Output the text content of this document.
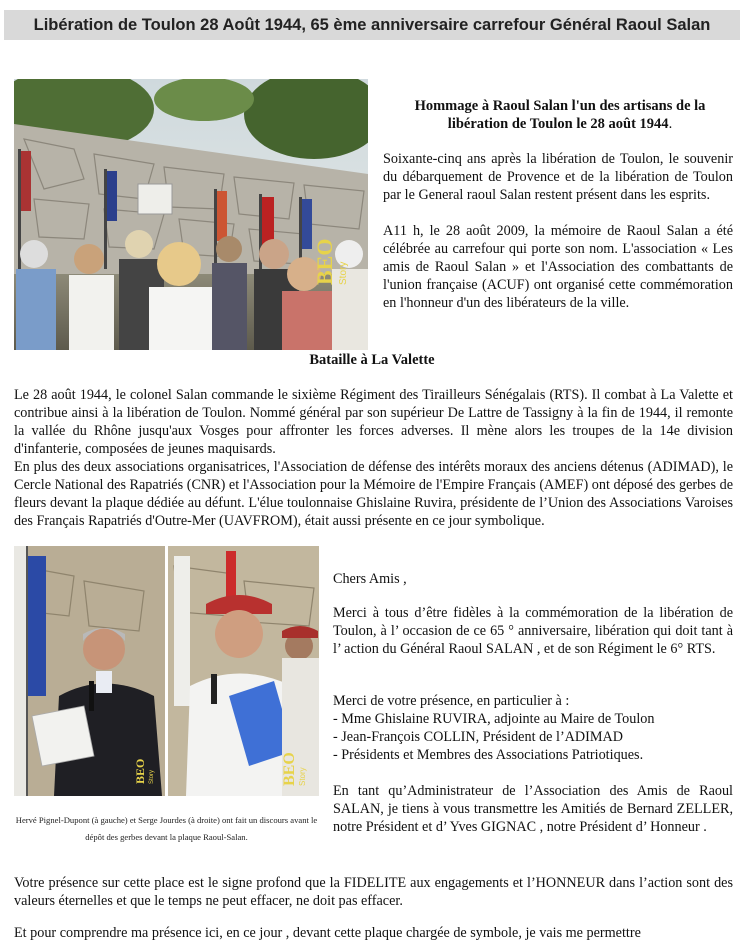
Libération de Toulon 28 Août 1944, 65 ème anniversaire carrefour Général Raoul Salan
BEO Story
Hommage à Raoul Salan l'un des artisans de la
libération de Toulon le 28 août 1944.

Soixante-cinq ans après la libération de Toulon, le souvenir du débarquement de Provence et de la libération de Toulon par le General raoul Salan restent présent dans les esprits.

A11 h, le 28 août 2009, la mémoire de Raoul Salan a été célébrée au carrefour qui porte son nom. L'association « Les amis de Raoul Salan » et l'Association des combattants de l'union française (ACUF) ont organisé cette commémoration en l'honneur d'un des libérateurs de la ville.

Bataille à La Valette

Le 28 août 1944, le colonel Salan commande le sixième Régiment des Tirailleurs Sénégalais (RTS). Il combat à La Valette et contribue ainsi à la libération de Toulon. Nommé général par son supérieur De Lattre de Tassigny à la fin de 1944, il remonte la vallée du Rhône jusqu'aux Vosges pour affronter les forces adverses. Il mène alors les troupes de la 14e division d'infanterie, composées de jeunes maquisards.

En plus des deux associations organisatrices, l'Association de défense des intérêts moraux des anciens détenus (ADIMAD), le Cercle National des Rapatriés (CNR) et l'Association pour la Mémoire de l'Empire Français (AMEF) ont déposé des gerbes de fleurs devant la plaque dédiée au défunt. L'élue toulonnaise Ghislaine Ruvira, présidente de l’Union des Associations Varoises des Français Rapatriés d'Outre-Mer (UAVFROM), était aussi présente en ce jour symbolique.

BEO Story	BEO Story
Hervé Pignel-Dupont (à gauche) et Serge Jourdes (à droite) ont fait un discours avant le dépôt des gerbes devant la plaque Raoul-Salan.

Chers Amis ,

Merci à tous d’être fidèles à la commémoration de la libération de Toulon, à l’ occasion de ce 65 ° anniversaire, libération qui doit tant à l’ action du Général Raoul SALAN , et de son Régiment le 6° RTS.

Merci de votre présence, en particulier à :

- Mme Ghislaine RUVIRA, adjointe au Maire de Toulon
- Jean-François COLLIN, Président de l’ADIMAD
- Présidents et Membres des Associations Patriotiques.

En tant qu’Administrateur de l’Association des Amis de Raoul SALAN, je tiens à vous transmettre les Amitiés de Bernard ZELLER, notre Président et d’ Yves GIGNAC , notre Président d’ Honneur .

Votre présence sur cette place est le signe profond que la FIDELITE aux engagements et l’HONNEUR dans l’action sont des valeurs éternelles et que le temps ne peut effacer, ne doit pas effacer.

Et pour comprendre ma présence ici, en ce jour , devant cette plaque chargée de symbole, je vais me permettre
